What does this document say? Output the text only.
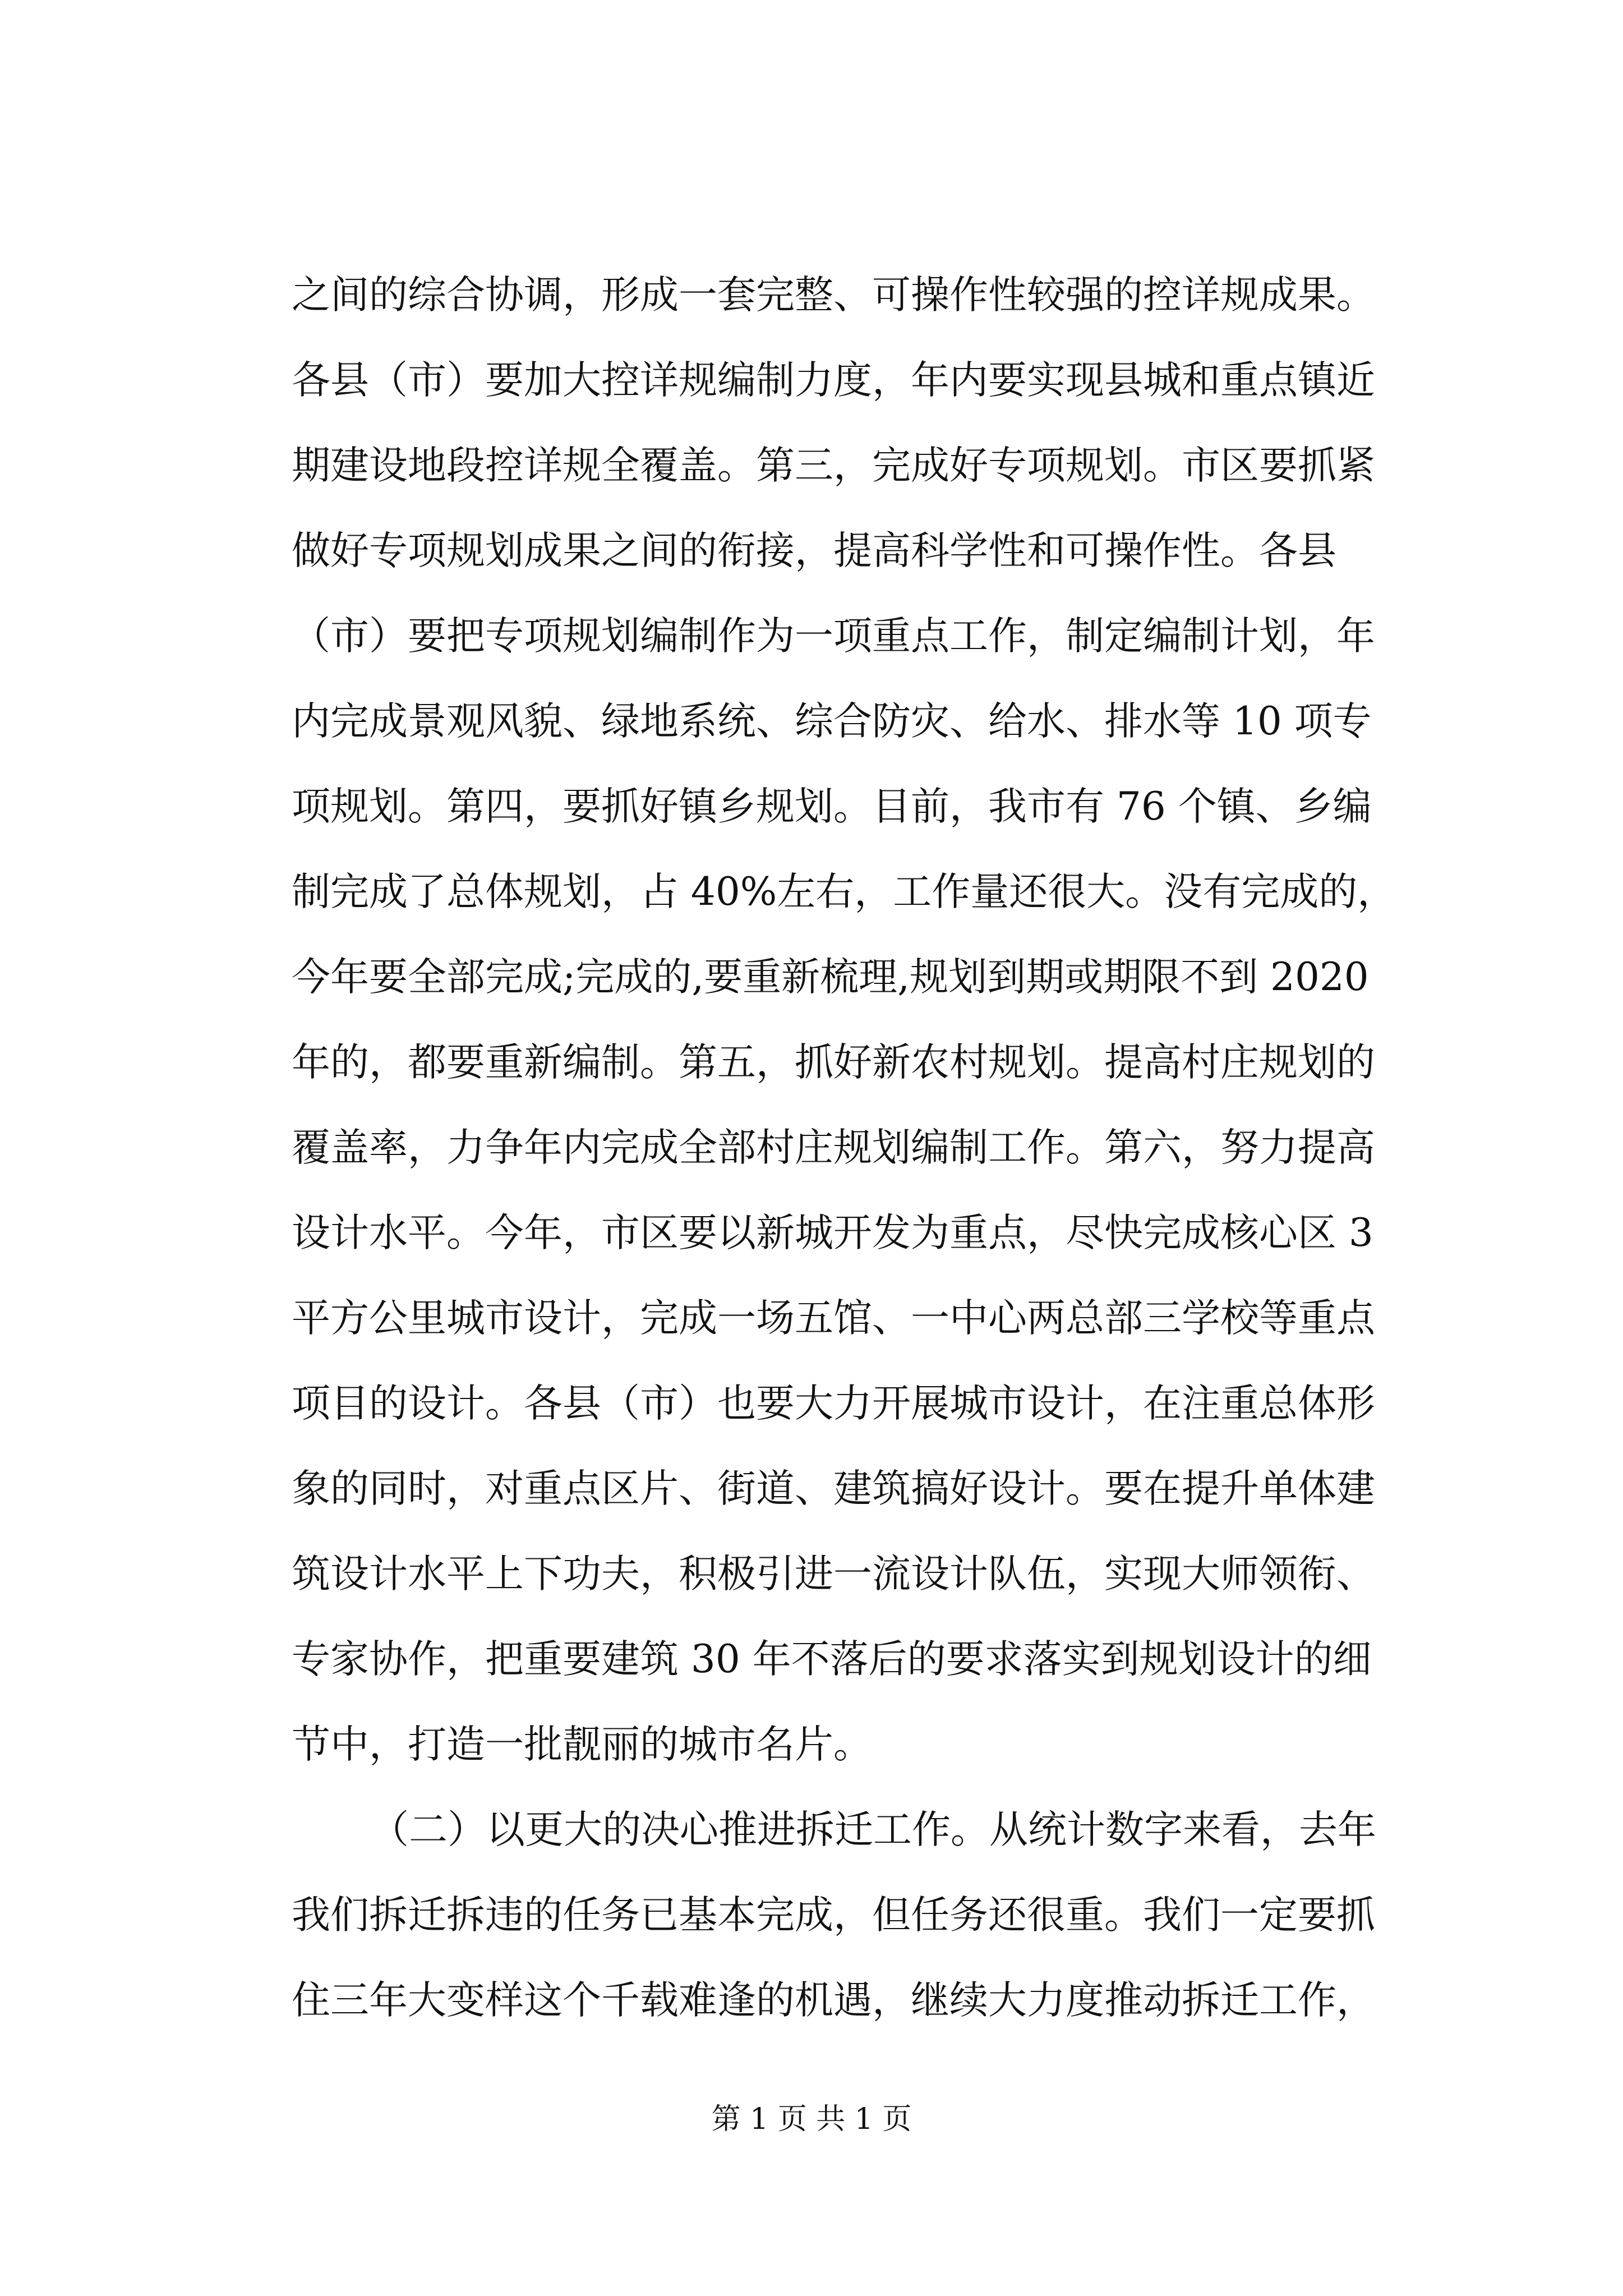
之间的综合协调，形成一套完整、可操作性较强的控详规成果。
各县（市）要加大控详规编制力度，年内要实现县城和重点镇近
期建设地段控详规全覆盖。第三，完成好专项规划。市区要抓紧
做好专项规划成果之间的衔接，提高科学性和可操作性。各县
（市）要把专项规划编制作为一项重点工作，制定编制计划，年
内完成景观风貌、绿地系统、综合防灾、给水、排水等 10 项专
项规划。第四，要抓好镇乡规划。目前，我市有 76 个镇、乡编
制完成了总体规划，占 40%左右，工作量还很大。没有完成的，
今年要全部完成;完成的,要重新梳理,规划到期或期限不到 2020
年的，都要重新编制。第五，抓好新农村规划。提高村庄规划的
覆盖率，力争年内完成全部村庄规划编制工作。第六，努力提高
设计水平。今年，市区要以新城开发为重点，尽快完成核心区 3
平方公里城市设计，完成一场五馆、一中心两总部三学校等重点
项目的设计。各县（市）也要大力开展城市设计，在注重总体形
象的同时，对重点区片、街道、建筑搞好设计。要在提升单体建
筑设计水平上下功夫，积极引进一流设计队伍，实现大师领衔、
专家协作，把重要建筑 30 年不落后的要求落实到规划设计的细
节中，打造一批靓丽的城市名片。
（二）以更大的决心推进拆迁工作。从统计数字来看，去年
我们拆迁拆违的任务已基本完成，但任务还很重。我们一定要抓
住三年大变样这个千载难逢的机遇，继续大力度推动拆迁工作，
第 1 页 共 1 页
